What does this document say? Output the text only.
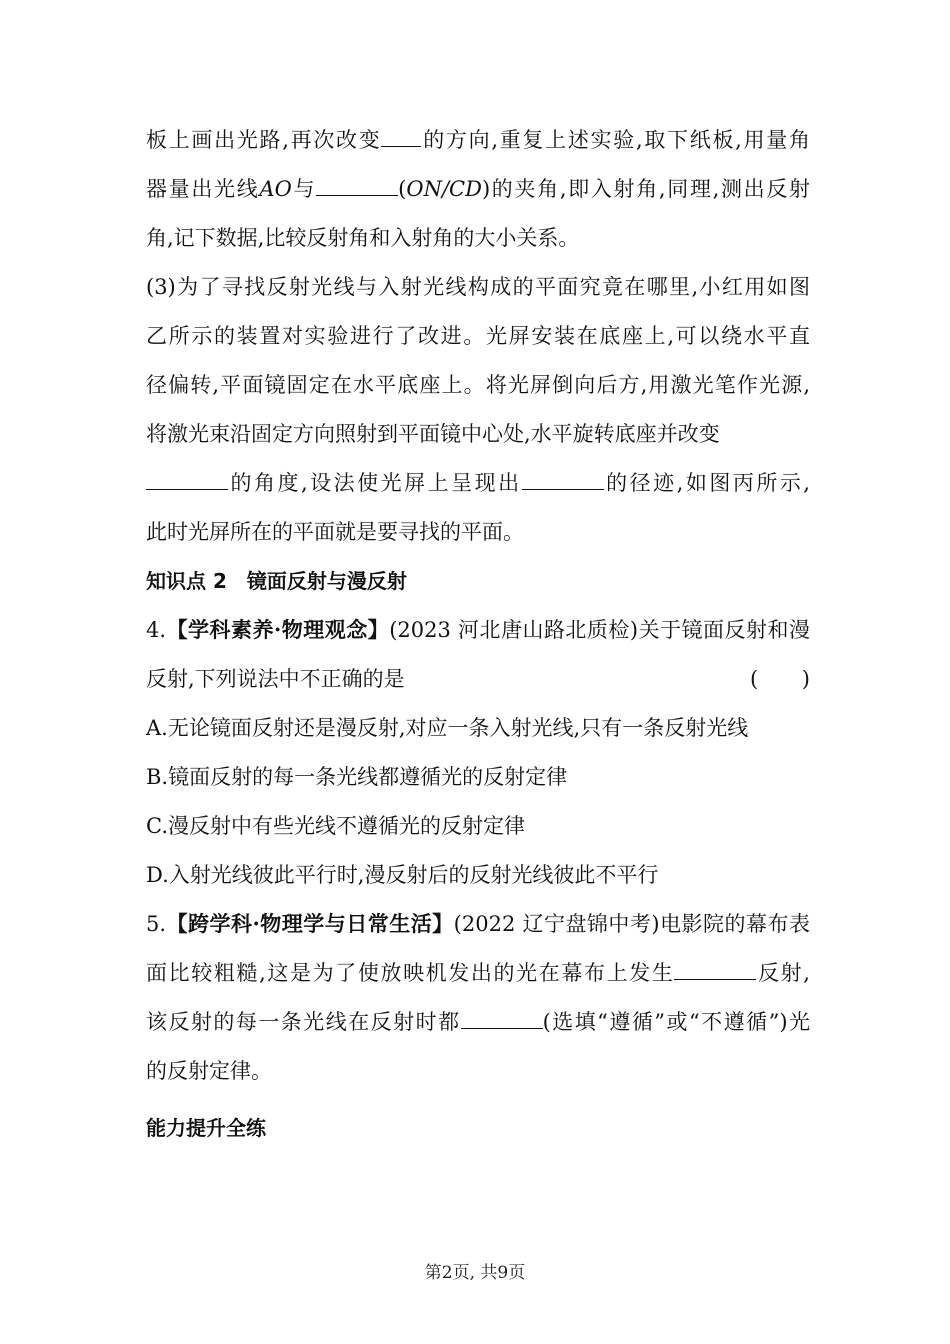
板上画出光路,再次改变 的方向,重复上述实验,取下纸板,用量角
器量出光线AO与	(ON/CD)的夹角,即入射角,同理,测出反射
角,记下数据,比较反射角和入射角的大小关系。
(3)为了寻找反射光线与入射光线构成的平面究竟在哪里,小红用如图
乙所示的装置对实验进行了改进。光屏安装在底座上,可以绕水平直
径偏转,平面镜固定在水平底座上。将光屏倒向后方,用激光笔作光源,
将激光束沿固定方向照射到平面镜中心处,水平旋转底座并改变
的角度,设法使光屏上呈现出	的径迹,如图丙所示,
此时光屏所在的平面就是要寻找的平面。
知识点 2　镜面反射与漫反射
4.【学科素养·物理观念】(2023 河北唐山路北质检)关于镜面反射和漫
反射,下列说法中不正确的是	( )
A.无论镜面反射还是漫反射,对应一条入射光线,只有一条反射光线
B.镜面反射的每一条光线都遵循光的反射定律
C.漫反射中有些光线不遵循光的反射定律
D.入射光线彼此平行时,漫反射后的反射光线彼此不平行
5.【跨学科·物理学与日常生活】(2022 辽宁盘锦中考)电影院的幕布表
面比较粗糙,这是为了使放映机发出的光在幕布上发生	反射,
该反射的每一条光线在反射时都	(选填“遵循”或“不遵循”)光
的反射定律。
能力提升全练
第2页, 共9页
